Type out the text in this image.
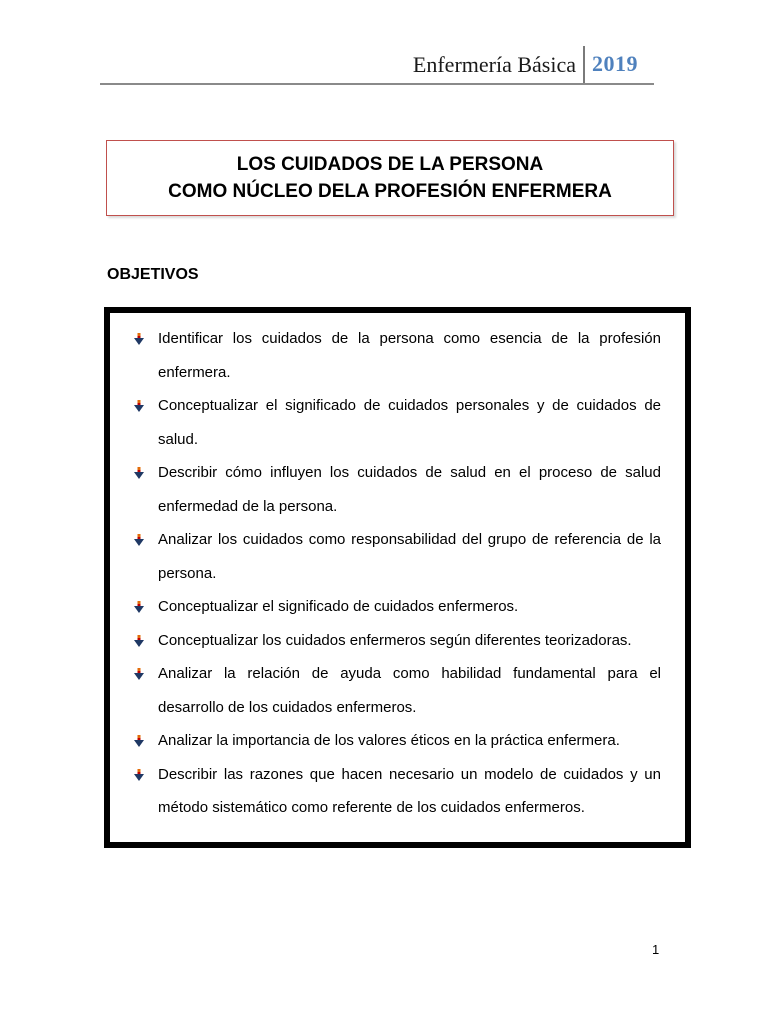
Enfermería Básica 2019
LOS CUIDADOS DE LA PERSONA
COMO NÚCLEO DELA PROFESIÓN ENFERMERA
OBJETIVOS
Identificar los cuidados de la persona como esencia de la profesión enfermera.
Conceptualizar el significado de cuidados personales y de cuidados de salud.
Describir cómo influyen los cuidados de salud en el proceso de salud enfermedad de la persona.
Analizar los cuidados como responsabilidad del grupo de referencia de la persona.
Conceptualizar el significado de cuidados enfermeros.
Conceptualizar los cuidados enfermeros según diferentes teorizadoras.
Analizar la relación de ayuda como habilidad fundamental para el desarrollo de los cuidados enfermeros.
Analizar la importancia de los valores éticos en la práctica enfermera.
Describir las razones que hacen necesario un modelo de cuidados y un método sistemático como referente de los cuidados enfermeros.
1
